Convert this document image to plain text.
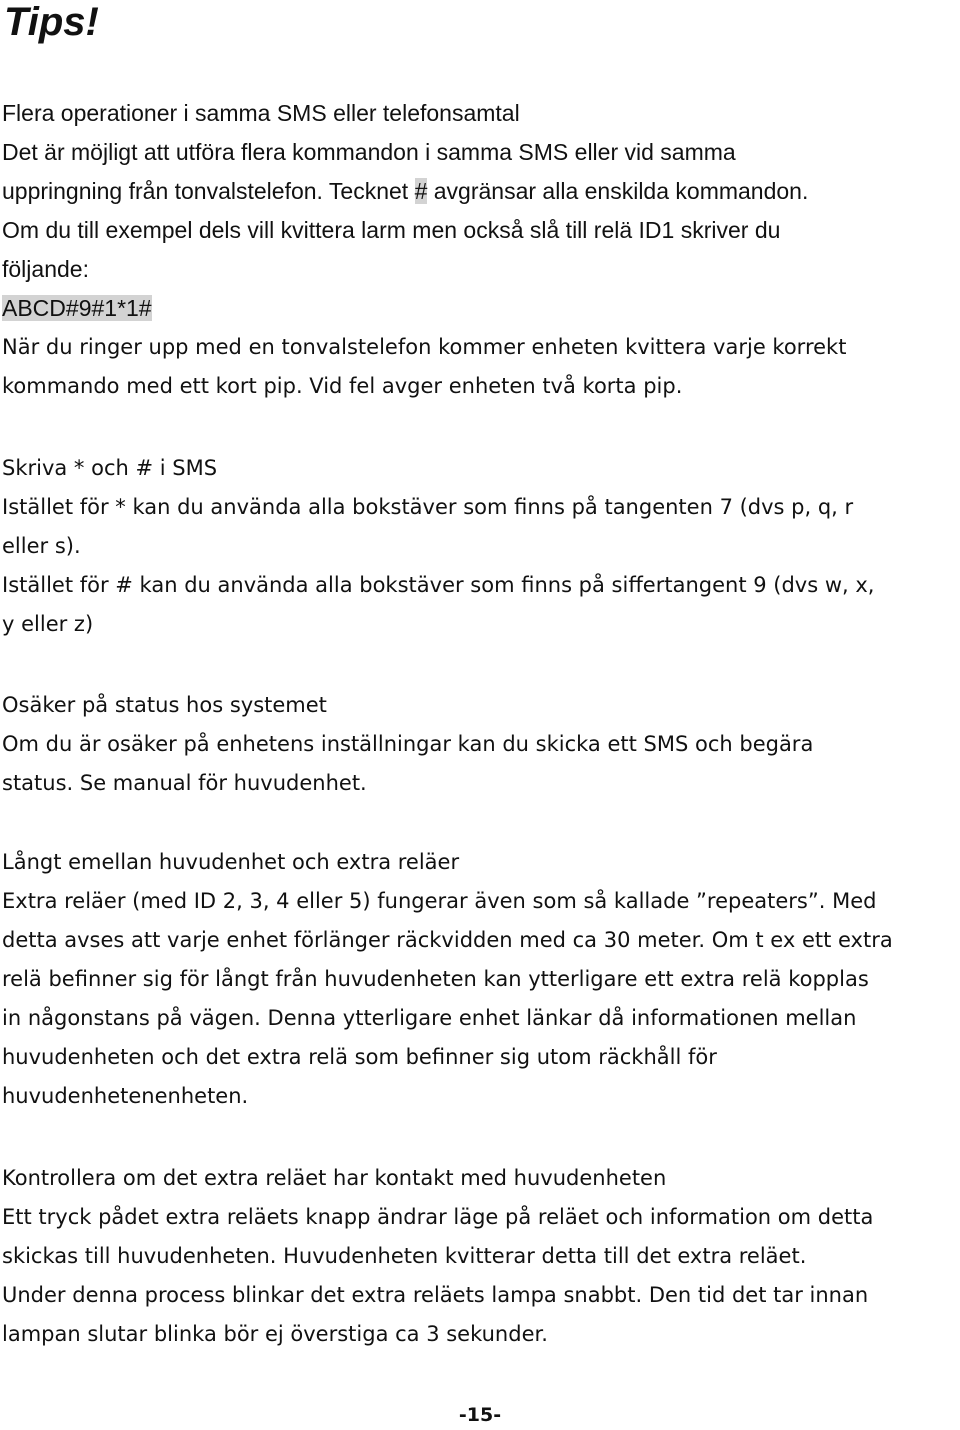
Tips!
Flera operationer i samma SMS eller telefonsamtal
Det är möjligt att utföra flera kommandon i samma SMS eller vid samma
uppringning från tonvalstelefon. Tecknet # avgränsar alla enskilda kommandon.
Om du till exempel dels vill kvittera larm men också slå till relä ID1 skriver du
följande:
ABCD#9#1*1#
När du ringer upp med en tonvalstelefon kommer enheten kvittera varje korrekt
kommando med ett kort pip. Vid fel avger enheten två korta pip.
Skriva * och # i SMS
Istället för * kan du använda alla bokstäver som finns på tangenten 7 (dvs p, q, r
eller s).
Istället för # kan du använda alla bokstäver som finns på siffertangent 9 (dvs w, x,
y eller z)
Osäker på status hos systemet
Om du är osäker på enhetens inställningar kan du skicka ett SMS och begära
status. Se manual för huvudenhet.
Långt emellan huvudenhet och extra reläer
Extra reläer (med ID 2, 3, 4 eller 5) fungerar även som så kallade ”repeaters”. Med
detta avses att varje enhet förlänger räckvidden med ca 30 meter. Om t ex ett extra
relä befinner sig för långt från huvudenheten kan ytterligare ett extra relä kopplas
in någonstans på vägen. Denna ytterligare enhet länkar då informationen mellan
huvudenheten och det extra relä som befinner sig utom räckhåll för
huvudenhetenenheten.
Kontrollera om det extra reläet har kontakt med huvudenheten
Ett tryck pådet extra reläets knapp ändrar läge på reläet och information om detta
skickas till huvudenheten. Huvudenheten kvitterar detta till det extra reläet.
Under denna process blinkar det extra reläets lampa snabbt. Den tid det tar innan
lampan slutar blinka bör ej överstiga ca 3 sekunder.
-15-
